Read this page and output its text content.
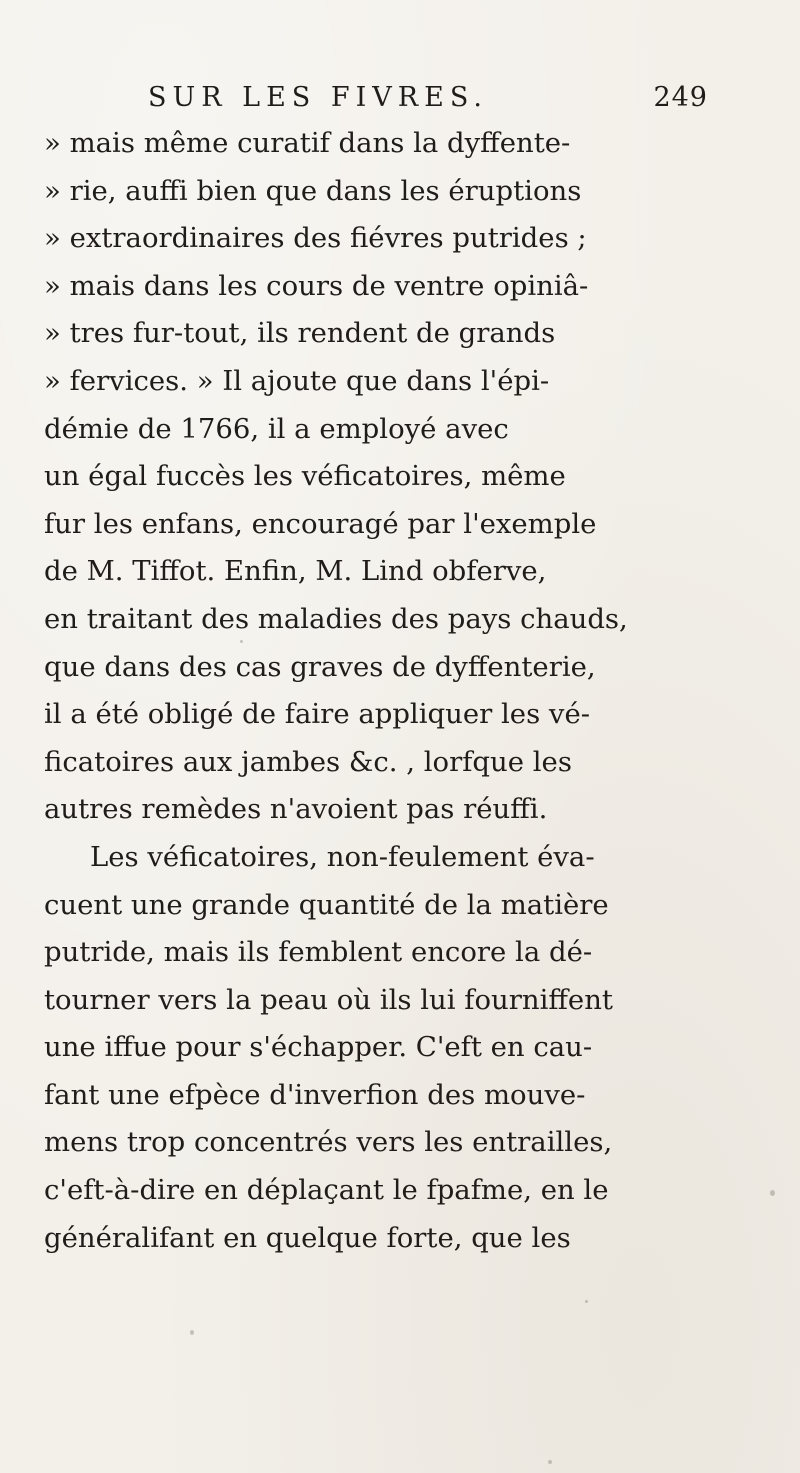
SUR LES FIVRES.	249
» mais même curatif dans la dyffente-
» rie, auffi bien que dans les éruptions
» extraordinaires des fiévres putrides ;
» mais dans les cours de ventre opiniâ-
» tres fur-tout, ils rendent de grands
» fervices. » Il ajoute que dans l'épi-
démie de 1766, il a employé avec
un égal fuccès les véficatoires, même
fur les enfans, encouragé par l'exemple
de M. Tiffot. Enfin, M. Lind obferve,
en traitant des maladies des pays chauds,
que dans des cas graves de dyffenterie,
il a été obligé de faire appliquer les vé-
ficatoires aux jambes &c. , lorfque les
autres remèdes n'avoient pas réuffi.
Les véficatoires, non-feulement éva-
cuent une grande quantité de la matière
putride, mais ils femblent encore la dé-
tourner vers la peau où ils lui fourniffent
une iffue pour s'échapper. C'eft en cau-
fant une efpèce d'inverfion des mouve-
mens trop concentrés vers les entrailles,
c'eft-à-dire en déplaçant le fpafme, en le
généralifant en quelque forte, que les
